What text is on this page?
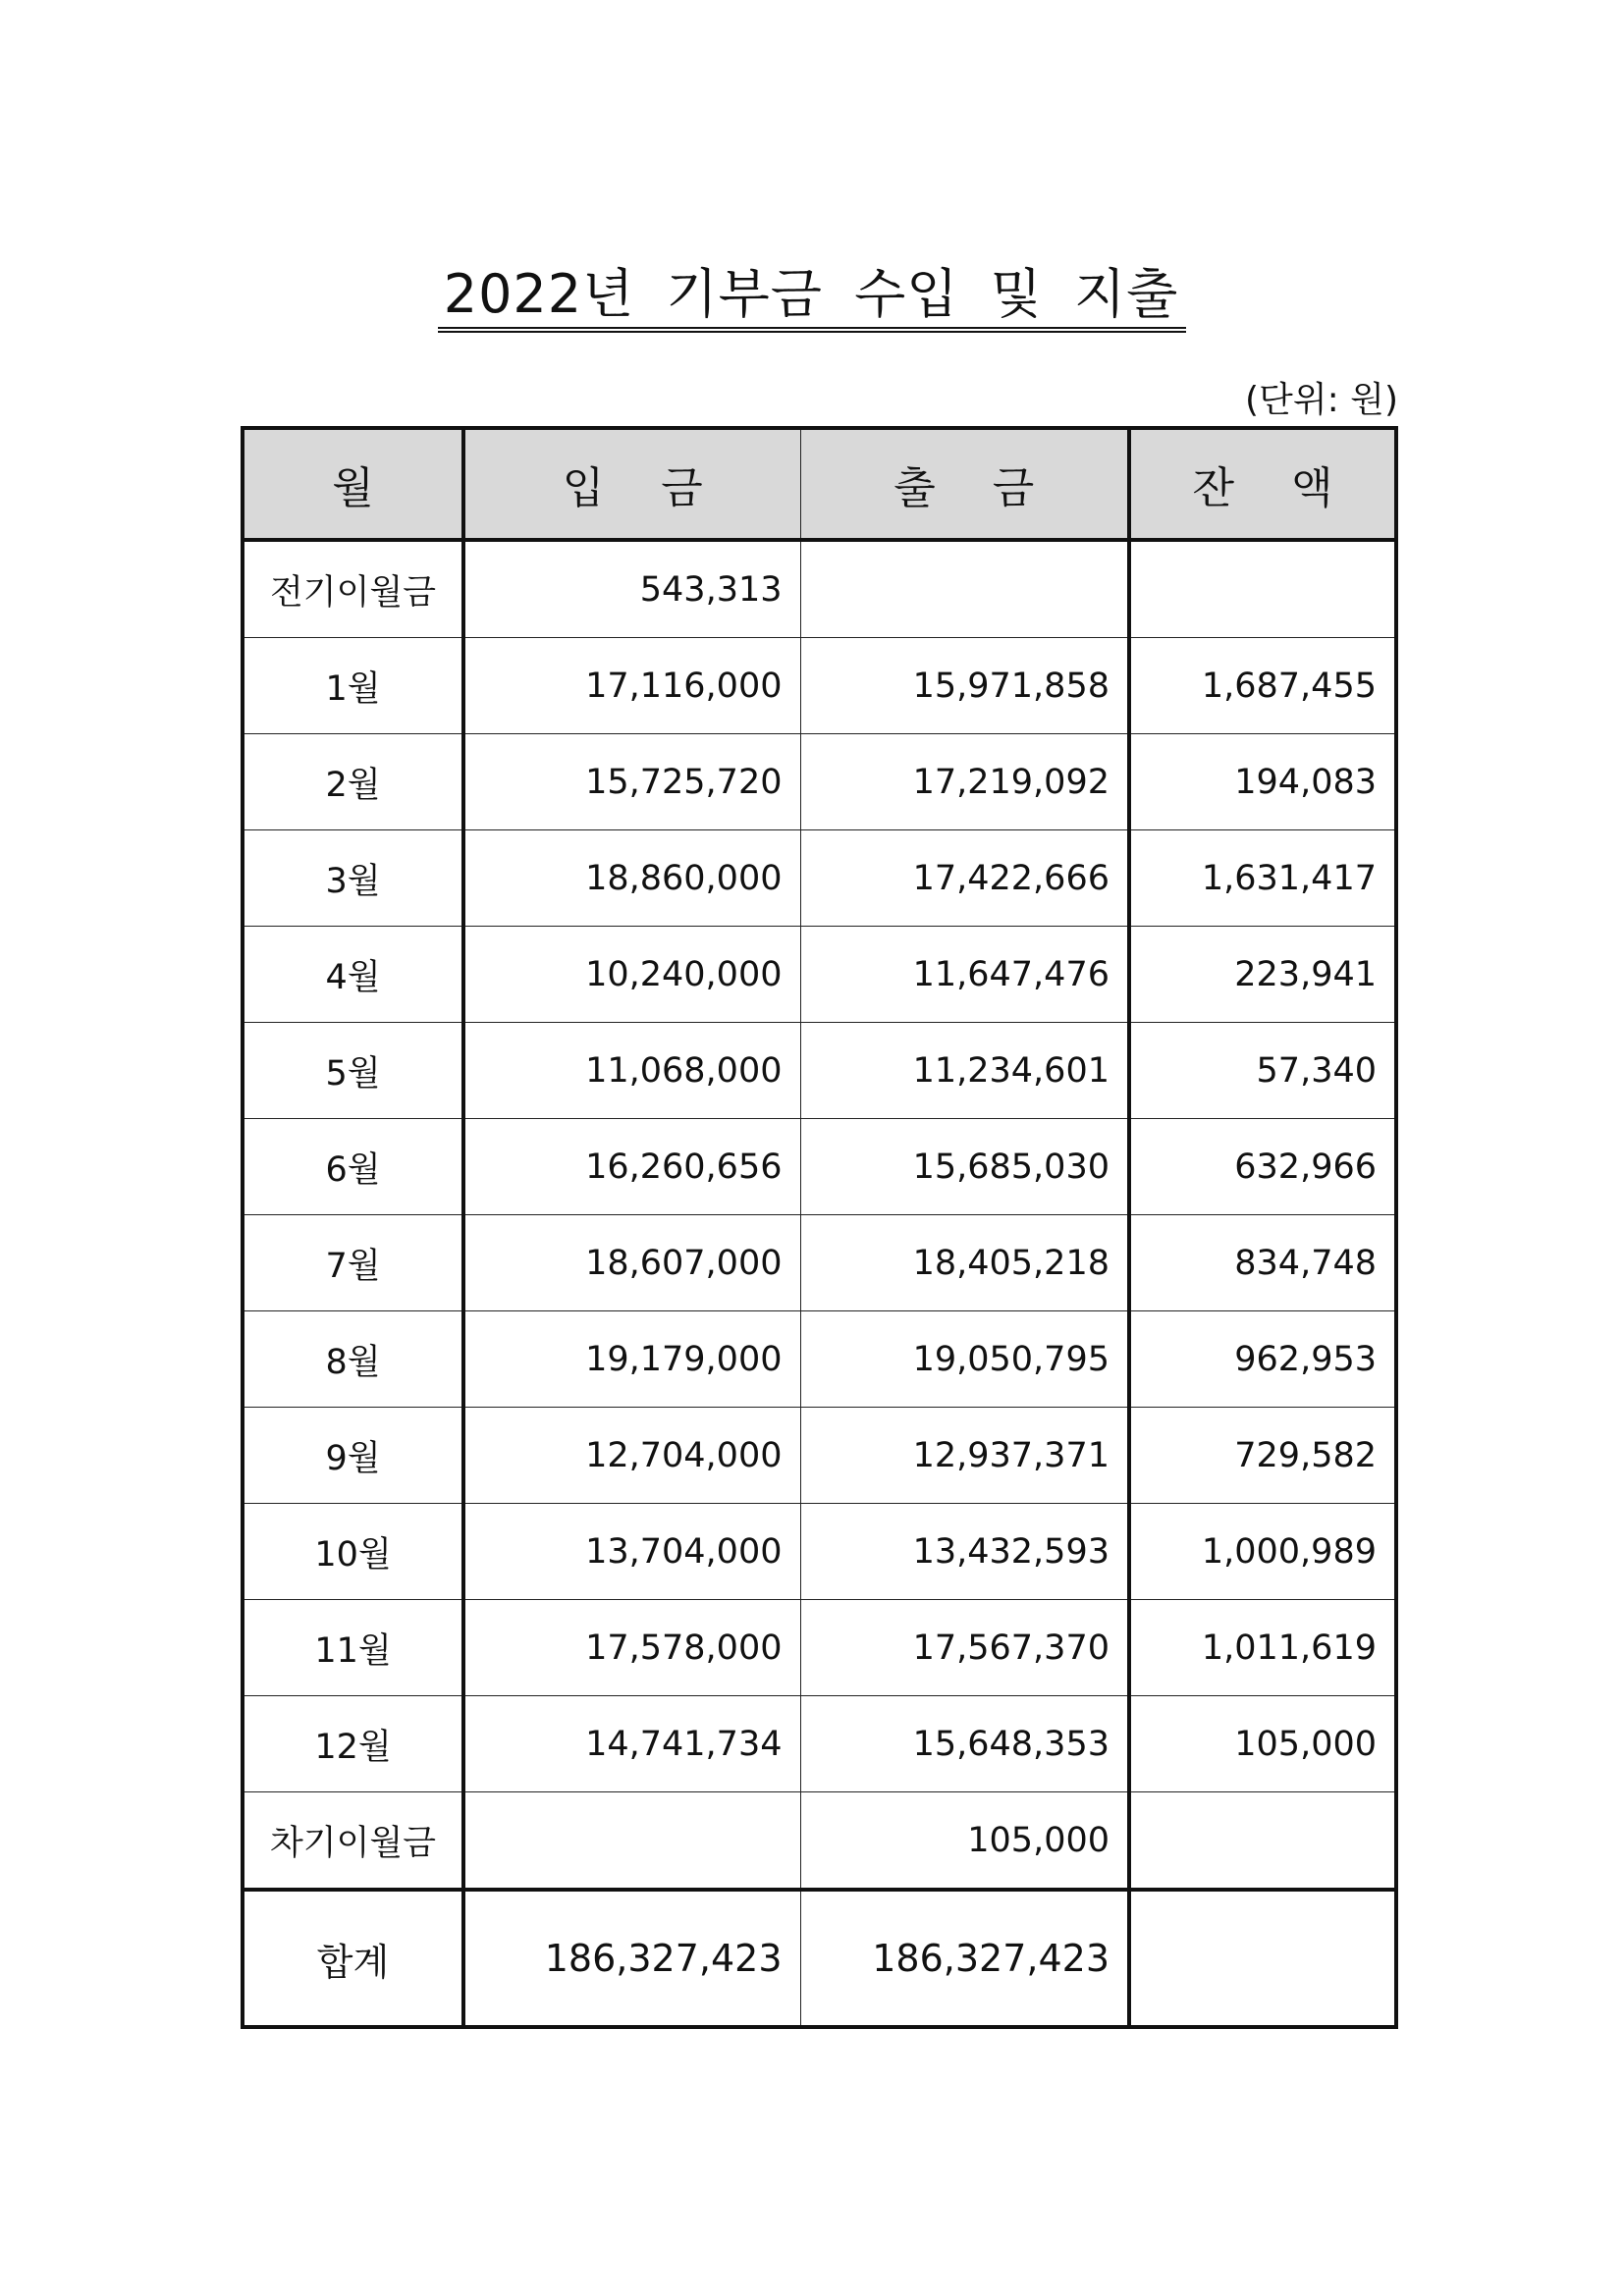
2022년 기부금 수입 및 지출
(단위: 원)
월	입 금	출 금	잔 액
전기이월금	543,313		
1월	17,116,000	15,971,858	1,687,455
2월	15,725,720	17,219,092	194,083
3월	18,860,000	17,422,666	1,631,417
4월	10,240,000	11,647,476	223,941
5월	11,068,000	11,234,601	57,340
6월	16,260,656	15,685,030	632,966
7월	18,607,000	18,405,218	834,748
8월	19,179,000	19,050,795	962,953
9월	12,704,000	12,937,371	729,582
10월	13,704,000	13,432,593	1,000,989
11월	17,578,000	17,567,370	1,011,619
12월	14,741,734	15,648,353	105,000
차기이월금		105,000	
합계	186,327,423	186,327,423	
